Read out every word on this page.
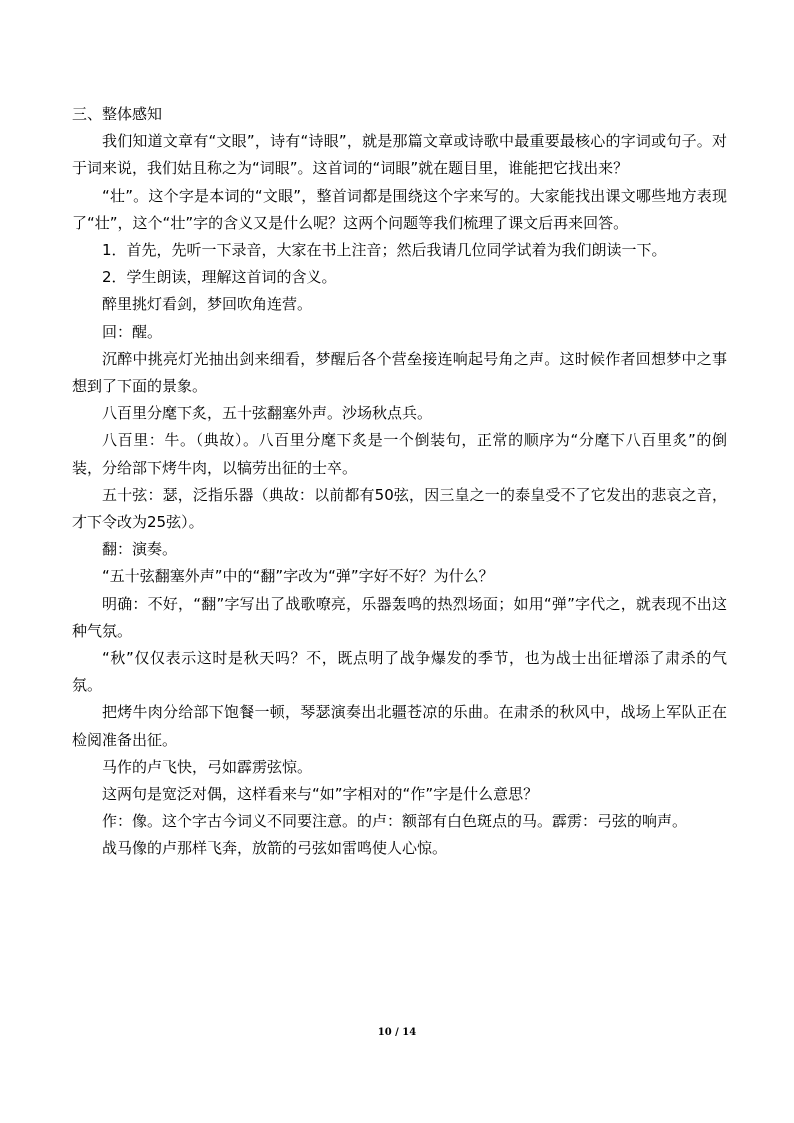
三、整体感知

我们知道文章有“文眼”，诗有“诗眼”，就是那篇文章或诗歌中最重要最核心的字词或句子。对于词来说，我们姑且称之为“词眼”。这首词的“词眼”就在题目里，谁能把它找出来？

“壮”。这个字是本词的“文眼”，整首词都是围绕这个字来写的。大家能找出课文哪些地方表现了“壮”，这个“壮”字的含义又是什么呢？这两个问题等我们梳理了课文后再来回答。

1．首先，先听一下录音，大家在书上注音；然后我请几位同学试着为我们朗读一下。

2．学生朗读，理解这首词的含义。

醉里挑灯看剑，梦回吹角连营。

回：醒。

沉醉中挑亮灯光抽出剑来细看，梦醒后各个营垒接连响起号角之声。这时候作者回想梦中之事想到了下面的景象。

八百里分麾下炙，五十弦翻塞外声。沙场秋点兵。

八百里：牛。（典故）。八百里分麾下炙是一个倒装句，正常的顺序为“分麾下八百里炙”的倒装，分给部下烤牛肉，以犒劳出征的士卒。

五十弦：瑟，泛指乐器（典故：以前都有50弦，因三皇之一的泰皇受不了它发出的悲哀之音，才下令改为25弦）。

翻：演奏。

“五十弦翻塞外声”中的“翻”字改为“弹”字好不好？为什么？

明确：不好，“翻”字写出了战歌嘹亮，乐器轰鸣的热烈场面；如用“弹”字代之，就表现不出这种气氛。

“秋”仅仅表示这时是秋天吗？不，既点明了战争爆发的季节，也为战士出征增添了肃杀的气氛。

把烤牛肉分给部下饱餐一顿，琴瑟演奏出北疆苍凉的乐曲。在肃杀的秋风中，战场上军队正在检阅准备出征。

马作的卢飞快，弓如霹雳弦惊。

这两句是宽泛对偶，这样看来与“如”字相对的“作”字是什么意思？

作：像。这个字古今词义不同要注意。的卢：额部有白色斑点的马。霹雳：弓弦的响声。

战马像的卢那样飞奔，放箭的弓弦如雷鸣使人心惊。

10 / 14
